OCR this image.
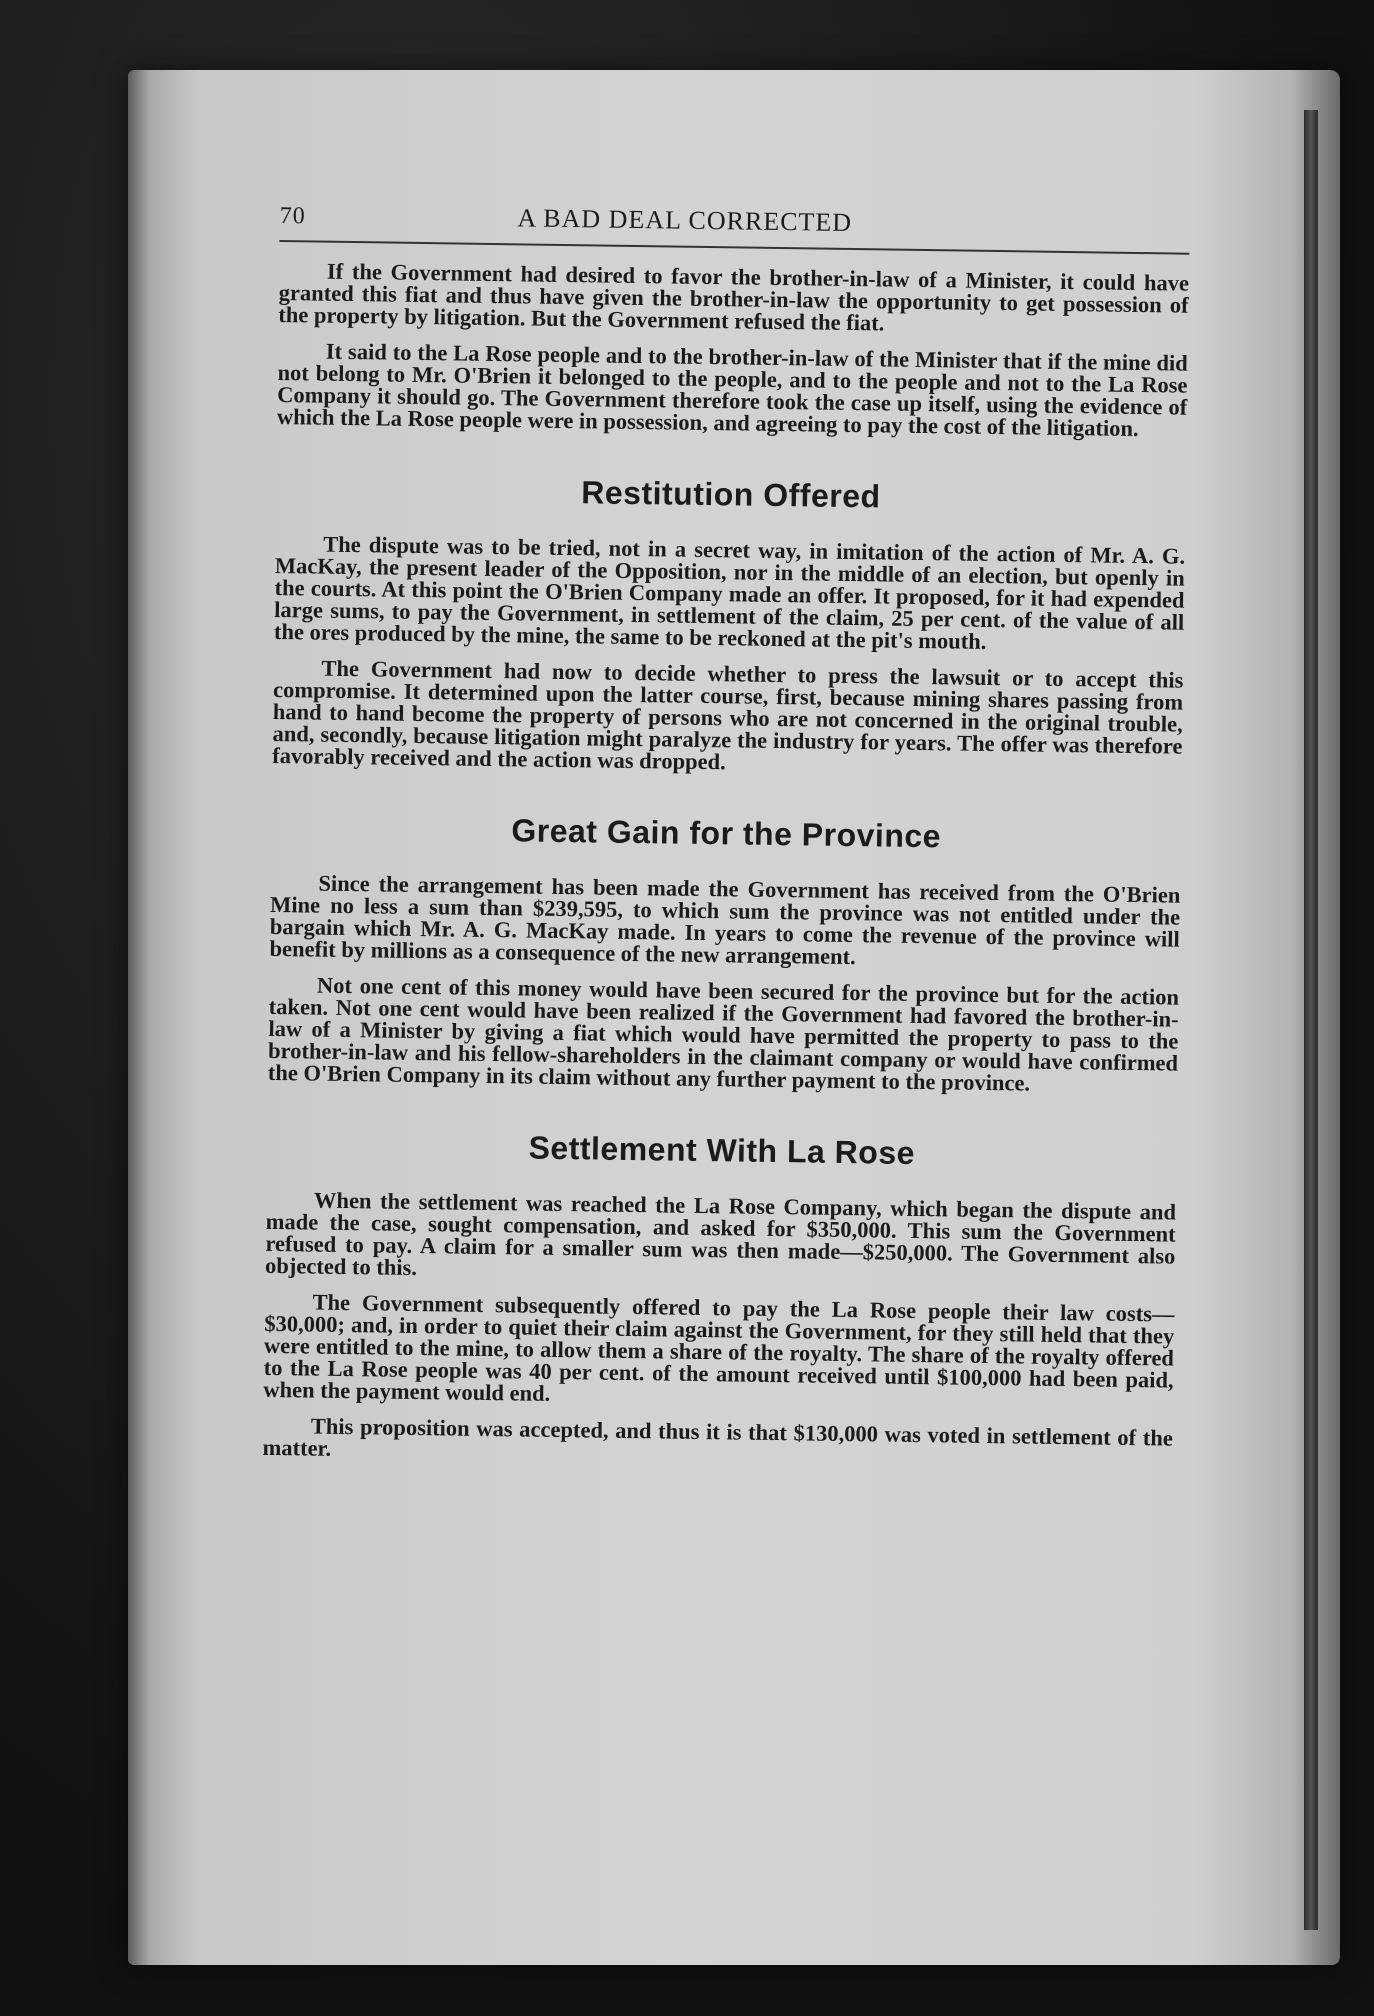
70	A BAD DEAL CORRECTED

If the Government had desired to favor the brother-in-law of a Minister, it could have granted this fiat and thus have given the brother-in-law the opportunity to get possession of the property by litigation. But the Government refused the fiat.

It said to the La Rose people and to the brother-in-law of the Minister that if the mine did not belong to Mr. O'Brien it belonged to the people, and to the people and not to the La Rose Company it should go. The Government therefore took the case up itself, using the evidence of which the La Rose people were in possession, and agreeing to pay the cost of the litigation.

Restitution Offered

The dispute was to be tried, not in a secret way, in imitation of the action of Mr. A. G. MacKay, the present leader of the Opposition, nor in the middle of an election, but openly in the courts. At this point the O'Brien Company made an offer. It proposed, for it had expended large sums, to pay the Government, in settlement of the claim, 25 per cent. of the value of all the ores produced by the mine, the same to be reckoned at the pit's mouth.

The Government had now to decide whether to press the lawsuit or to accept this compromise. It determined upon the latter course, first, because mining shares passing from hand to hand become the property of persons who are not concerned in the original trouble, and, secondly, because litigation might paralyze the industry for years. The offer was therefore favorably received and the action was dropped.

Great Gain for the Province

Since the arrangement has been made the Government has received from the O'Brien Mine no less a sum than $239,595, to which sum the province was not entitled under the bargain which Mr. A. G. MacKay made. In years to come the revenue of the province will benefit by millions as a consequence of the new arrangement.

Not one cent of this money would have been secured for the province but for the action taken. Not one cent would have been realized if the Government had favored the brother-in-law of a Minister by giving a fiat which would have permitted the property to pass to the brother-in-law and his fellow-shareholders in the claimant company or would have confirmed the O'Brien Company in its claim without any further payment to the province.

Settlement With La Rose

When the settlement was reached the La Rose Company, which began the dispute and made the case, sought compensation, and asked for $350,000. This sum the Government refused to pay. A claim for a smaller sum was then made—$250,000. The Government also objected to this.

The Government subsequently offered to pay the La Rose people their law costs—$30,000; and, in order to quiet their claim against the Government, for they still held that they were entitled to the mine, to allow them a share of the royalty. The share of the royalty offered to the La Rose people was 40 per cent. of the amount received until $100,000 had been paid, when the payment would end.

This proposition was accepted, and thus it is that $130,000 was voted in settlement of the matter.
